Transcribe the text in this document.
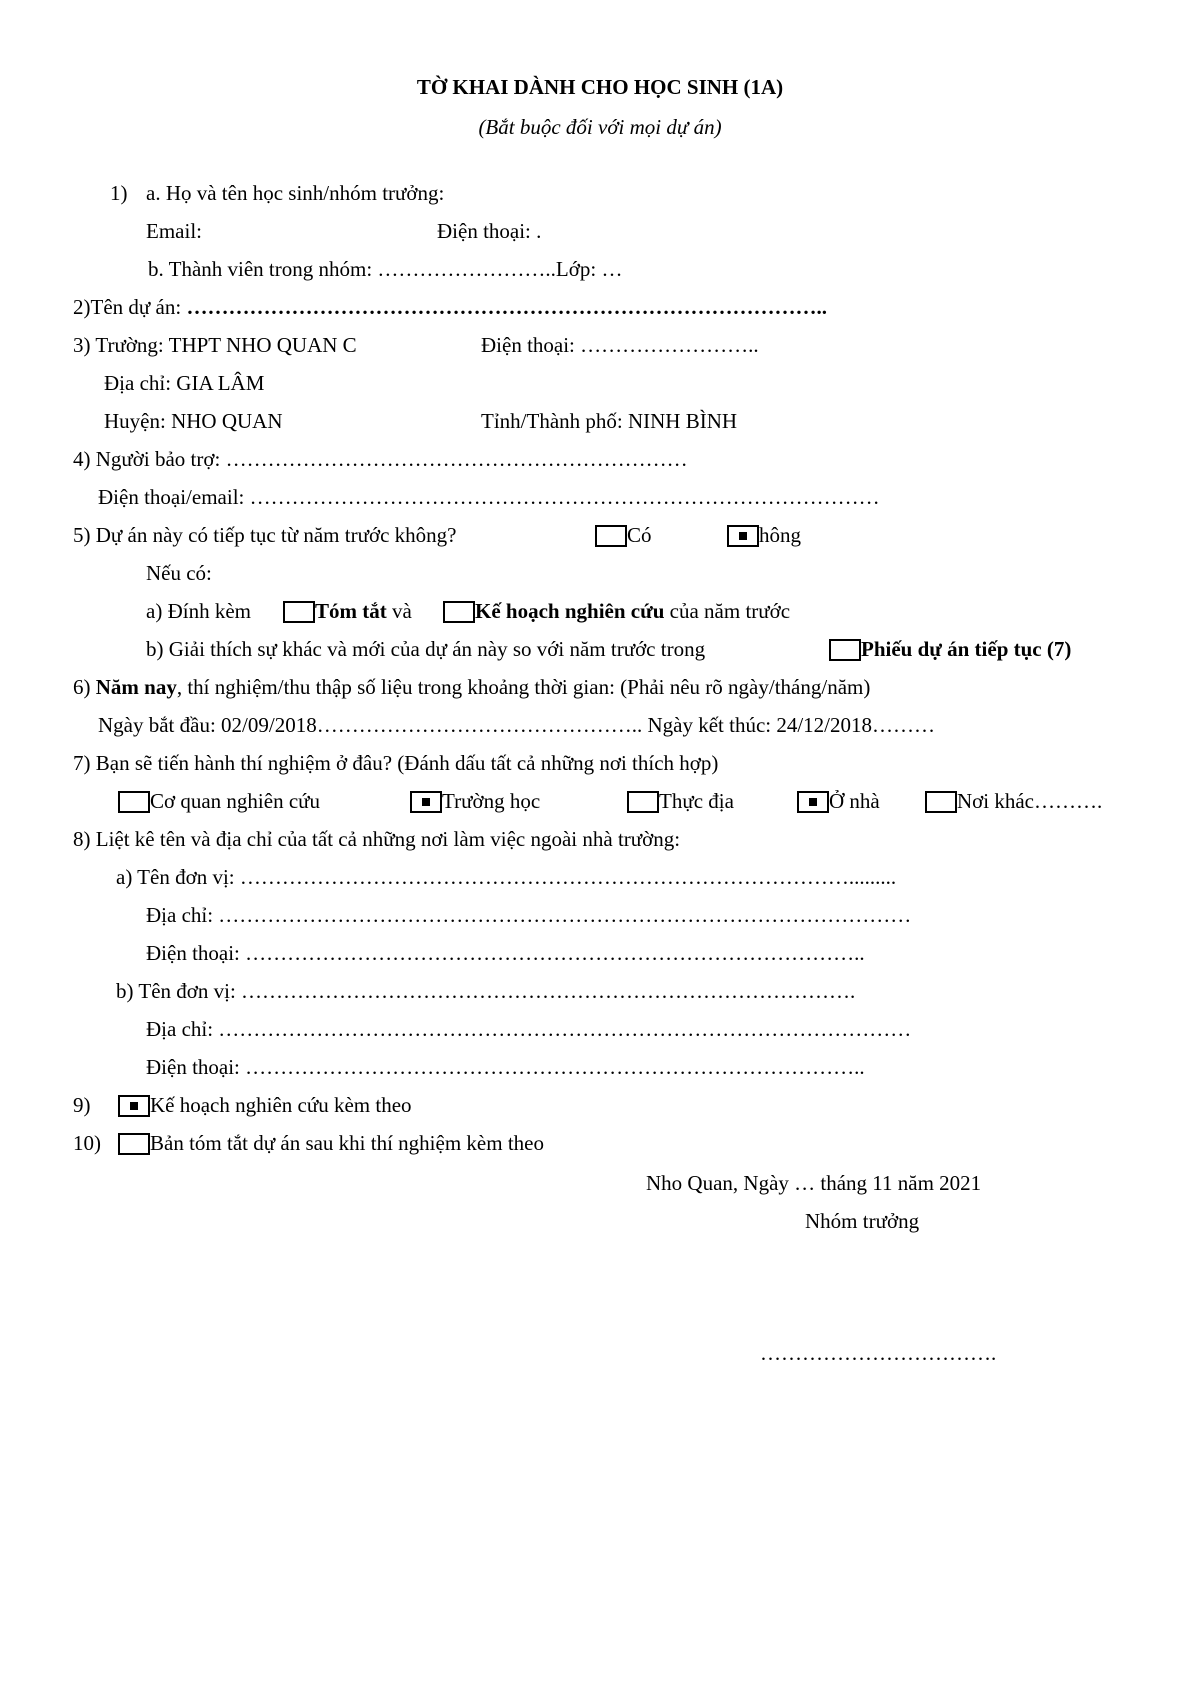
TỜ KHAI DÀNH CHO HỌC SINH (1A)
(Bắt buộc đối với mọi dự án)
1) a. Họ và tên học sinh/nhóm trưởng:
Email:	Điện thoại: .
b. Thành viên trong nhóm: ……………………..Lớp: …
2)Tên dự án: ………………………………………………………………………………..
3) Trường: THPT NHO QUAN C	Điện thoại: ……………………..
Địa chỉ: GIA LÂM
Huyện: NHO QUAN	Tỉnh/Thành phố: NINH BÌNH
4) Người bảo trợ: …………………………………………………………
Điện thoại/email: ………………………………………………………………………………
5) Dự án này có tiếp tục từ năm trước không?	Có	hông
Nếu có:
a) Đính kèm	Tóm tắt và	Kế hoạch nghiên cứu của năm trước
b) Giải thích sự khác và mới của dự án này so với năm trước trong	Phiếu dự án tiếp tục (7)
6) Năm nay, thí nghiệm/thu thập số liệu trong khoảng thời gian: (Phải nêu rõ ngày/tháng/năm)
Ngày bắt đầu: 02/09/2018……………………………………….. Ngày kết thúc: 24/12/2018………
7) Bạn sẽ tiến hành thí nghiệm ở đâu? (Đánh dấu tất cả những nơi thích hợp)
Cơ quan nghiên cứu	Trường học	Thực địa	Ở nhà	Nơi khác……….
8) Liệt kê tên và địa chỉ của tất cả những nơi làm việc ngoài nhà trường:
a) Tên đơn vị: …………………………………………………………………………….........
Địa chỉ: ………………………………………………………………………………………
Điện thoại: ……………………………………………………………………………..
b) Tên đơn vị: …………………………………………………………………………….
Địa chỉ: ………………………………………………………………………………………
Điện thoại: ……………………………………………………………………………..
9)	Kế hoạch nghiên cứu kèm theo
10) Bản tóm tắt dự án sau khi thí nghiệm kèm theo
Nho Quan, Ngày … tháng 11 năm 2021
Nhóm trưởng
…………………………….
